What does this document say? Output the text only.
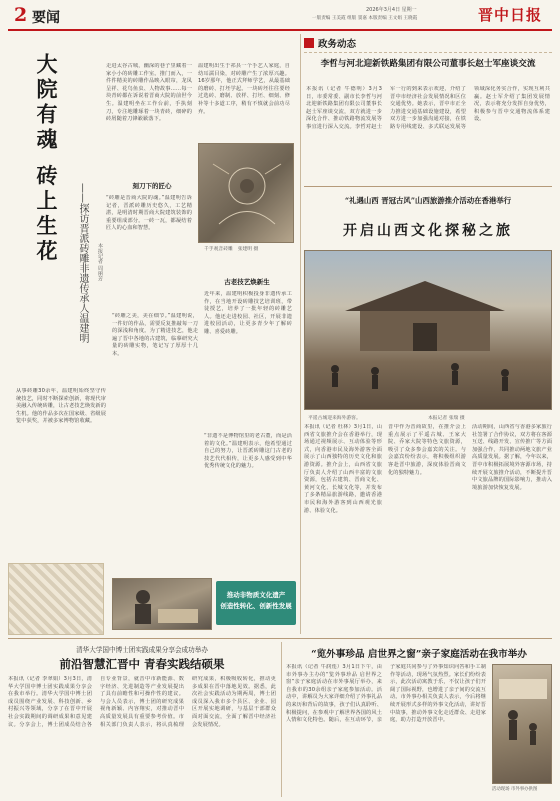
2 要闻	2026年3月4日 星期一
一版责编 王美霞 组版 窦嘉 本版责编 王文娟 王晓霞	晋中日报
大院有魂 砖上生花	——探访晋派砖雕非遗传承人温建明	本报记者 周丽芳
走进太谷古城，幽深的巷子里藏着一家小小的砖雕工作室。推门而入，一件件精美的砖雕作品映入眼帘，龙凤呈祥、花鸟鱼虫、人物故事……每一块青砖都在诉说着晋商大院的前世今生。温建明坐在工作台前，手执刻刀，专注地雕琢着一块青砖，细碎的砖屑随着刀锋簌簌落下。
刻刀下的匠心
“砖雕是晋商大院的魂。”温建明告诉记者，晋派砖雕历史悠久，工艺精湛，是明清时期晋商大院建筑装饰的重要组成部分。一砖一瓦，都凝结着匠人的心血和智慧。
从事砖雕30余年，温建明始终坚守传统技艺，同时不断探索创新，将现代审美融入传统砖雕，让古老技艺焕发新的生机。他的作品多次在国家级、省级展览中获奖，并被多家博物馆收藏。
温建明出生于祁县一个手艺人家庭，自幼耳濡目染，对砖雕产生了浓厚兴趣。16岁那年，他正式拜师学艺，从最基础的磨砖、打坯学起。一块砖坯往往要经过选砖、磨制、放样、打坯、细刻、修补等十多道工序，稍有不慎就会前功尽弃。
“砖雕之美，美在细节。”温建明说，一件好的作品，需要反复推敲每一刀的深浅和角度。为了精进技艺，他走遍了晋中各地的古建筑，临摹研究大量的砖雕实物，笔记写了厚厚十几本。
古老技艺焕新生
近年来，温建明积极投身非遗传承工作，在当地开设砖雕技艺培训班，带徒授艺，培养了一批年轻的砖雕艺人。他还走进校园、社区，开展非遗进校园活动，让更多青少年了解砖雕、喜爱砖雕。
“非遗不是博物馆里的老古董，而是活着的文化。”温建明表示，他希望通过自己的努力，让晋派砖雕这门古老的技艺代代相传，让更多人感受到中华优秀传统文化的魅力。
千手观音砖雕　 张建明 摄
推动非物质文化遗产
创造性转化、创新性发展
政务动态
李哲与河北迎新铁路集团有限公司董事长赵士军座谈交流
本报讯（记者 牛德明）3月3日，市委常委、副市长李哲与河北迎新铁路集团有限公司董事长赵士军座谈交流，双方就进一步深化合作、推动铁路物流发展等事宜进行深入交流。李哲对赵士军一行的到来表示欢迎，介绍了晋中市经济社会发展情况和区位交通优势。她表示，晋中市正全力推进交通基础设施建设，希望双方进一步加强沟通对接，在铁路专用线建设、多式联运发展等领域深化务实合作，实现互利共赢。赵士军介绍了集团发展情况，表示将充分发挥自身优势，积极参与晋中交通物流体系建设。
“礼遇山西 晋冠古风”山西旅游推介活动在香港举行
开启山西文化探秘之旅
平遥古城迎来海外游客。　　	本报记者 张瑞 摄
本报讯（记者 杜林）3月1日，山西省文旅推介会在香港举行，现场通过视频展示、互动体验等形式，向香港市民及海外游客全面展示了山西独特的历史文化和旅游资源。推介会上，山西省文旅厅负责人介绍了山西丰富的文旅资源，包括古建筑、晋商文化、黄河文化、长城文化等，并发布了多条精品旅游线路，邀请香港市民和海外游客到山西观光旅游、体验文化。
晋中作为晋商故里，在推介会上重点展示了平遥古城、王家大院、乔家大院等特色文旅资源，吸引了众多参会嘉宾的关注。与会嘉宾纷纷表示，将积极组织游客赴晋中旅游，深度体验晋商文化的独特魅力。
活动期间，山西省与香港多家旅行社签署了合作协议，双方将在客源互送、线路开发、宣传推广等方面加强合作，共同推动两地文旅产业高质量发展。据了解，今年以来，晋中市积极拓展境外客源市场，持续开展文旅推介活动，不断提升晋中文旅品牌的国际影响力，推动入境旅游加快恢复发展。
清华大学国中博士团实践成果分享会成功举办
前沿智慧汇晋中 青春实践结硕果
本报讯（记者 李翠娟）3月3日，清华大学国中博士团实践成果分享会在我市举行。清华大学国中博士团成员围绕产业发展、科技创新、乡村振兴等领域，分享了在晋中开展社会实践期间的调研成果和意见建议。分享会上，博士团成员结合各自专业背景，就晋中市新能源、数字经济、先进制造等产业发展提出了具有前瞻性和可操作性的建议。与会人员表示，博士团的研究成果视角新颖、内容翔实，对推动晋中高质量发展具有重要参考价值。市相关部门负责人表示，将认真梳理研究成果，积极吸收转化，推动更多成果在晋中落地见效。据悉，此次社会实践活动为期两周，博士团成员深入我市多个县区、企业、园区开展实地调研，与基层干部群众面对面交流，全面了解晋中经济社会发展情况。
“览外事珍品 启世界之窗”亲子家庭活动在我市举办
本报讯（记者 牛润莲）3月1日下午，由市外事办主办的“览外事珍品 启世界之窗”亲子家庭活动在市外事展厅举办，来自我市的30余组亲子家庭参加活动。活动中，讲解员为大家详细介绍了外事礼品的来历和背后的故事，孩子们认真聆听、积极提问，在参观中了解世界各国的风土人情和文化特色。随后，在互动环节，亲子家庭共同参与了外事知识问答和手工制作等活动，现场气氛热烈。家长们纷纷表示，此次活动寓教于乐，不仅让孩子们开阔了国际视野，也增进了亲子间的交流互动。市外事办相关负责人表示，今后将继续开展形式多样的外事文化活动，讲好晋中故事，推动外事文化走近群众、走进家庭，助力打造开放晋中。
活动现场 市外事办供图
